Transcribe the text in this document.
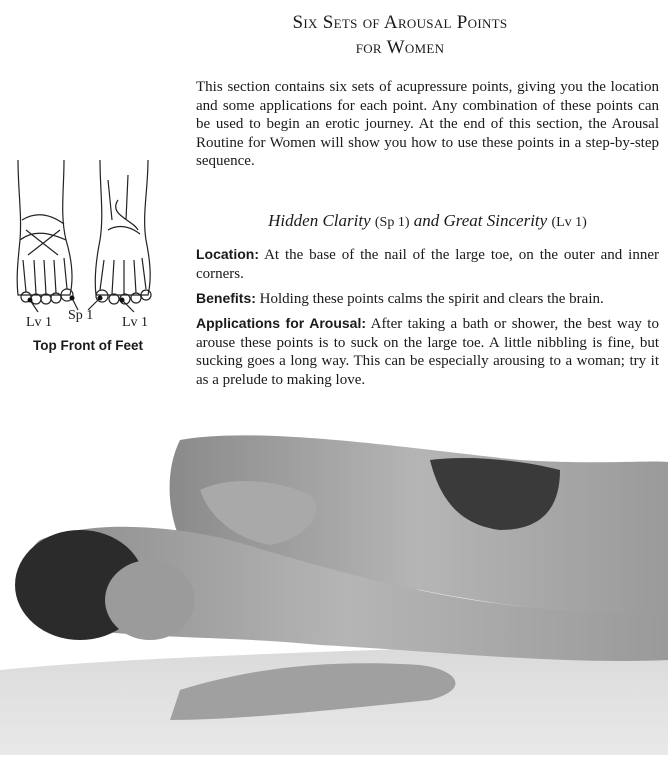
Six Sets of Arousal Points
for Women
This section contains six sets of acupressure points, giving you the location and some applications for each point. Any combination of these points can be used to begin an erotic journey. At the end of this section, the Arousal Routine for Women will show you how to use these points in a step-by-step sequence.
Lv 1 Sp 1 Lv 1
Top Front of Feet
Hidden Clarity (Sp 1) and Great Sincerity (Lv 1)
Location: At the base of the nail of the large toe, on the outer and inner corners.
Benefits: Holding these points calms the spirit and clears the brain.
Applications for Arousal: After taking a bath or shower, the best way to arouse these points is to suck on the large toe. A little nibbling is fine, but sucking goes a long way. This can be especially arousing to a woman; try it as a prelude to making love.
